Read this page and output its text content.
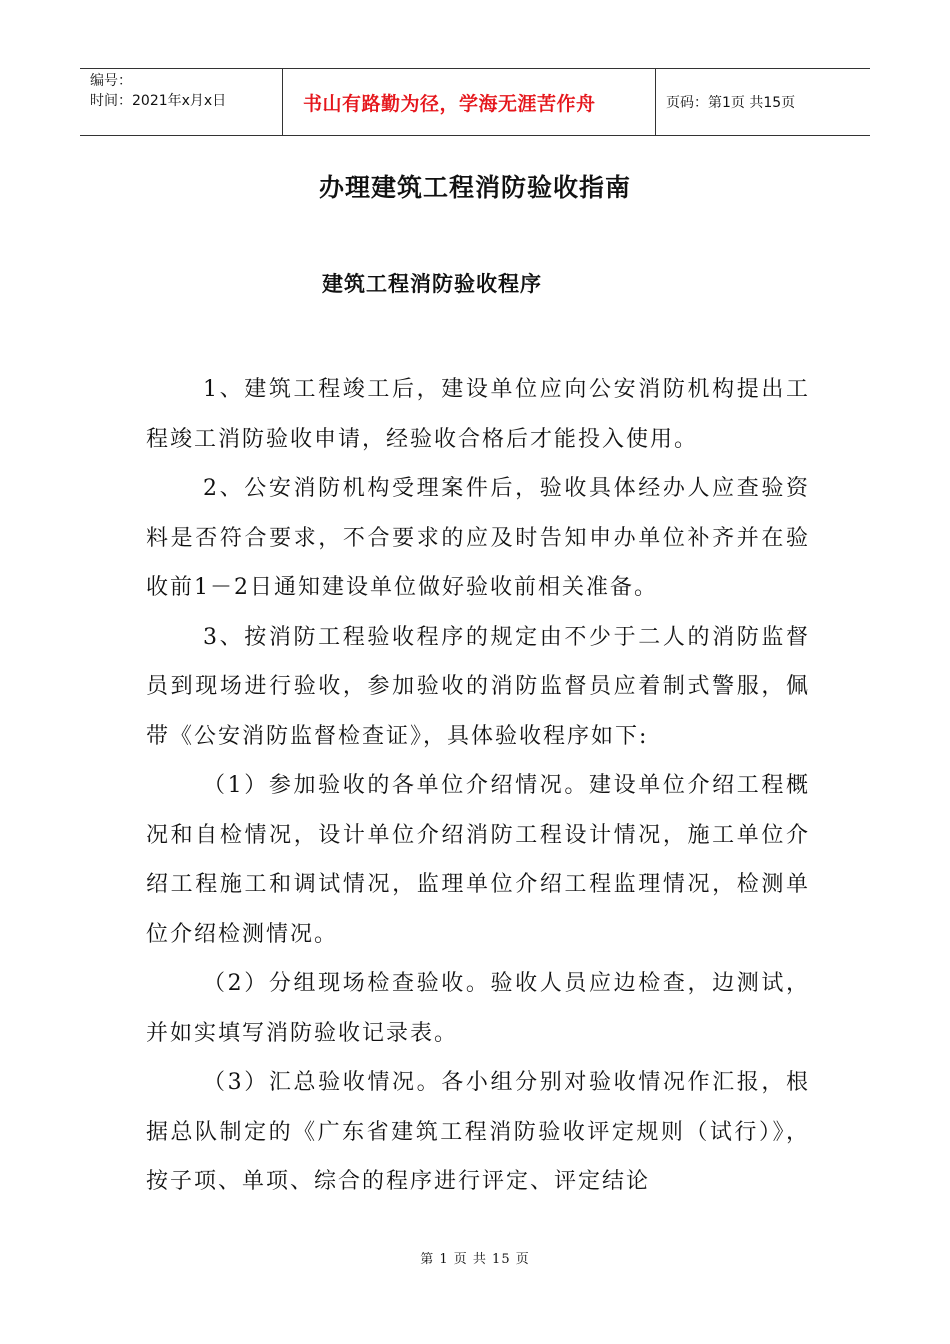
编号：
时间：2021年x月x日	书山有路勤为径，学海无涯苦作舟	页码：第1页 共15页
办理建筑工程消防验收指南
建筑工程消防验收程序

1、建筑工程竣工后，建设单位应向公安消防机构提出工程竣工消防验收申请，经验收合格后才能投入使用。

2、公安消防机构受理案件后，验收具体经办人应查验资料是否符合要求，不合要求的应及时告知申办单位补齐并在验收前1－2日通知建设单位做好验收前相关准备。

3、按消防工程验收程序的规定由不少于二人的消防监督员到现场进行验收，参加验收的消防监督员应着制式警服，佩带《公安消防监督检查证》，具体验收程序如下:

（1）参加验收的各单位介绍情况。建设单位介绍工程概况和自检情况，设计单位介绍消防工程设计情况，施工单位介绍工程施工和调试情况，监理单位介绍工程监理情况，检测单位介绍检测情况。

（2）分组现场检查验收。验收人员应边检查，边测试，并如实填写消防验收记录表。

（3）汇总验收情况。各小组分别对验收情况作汇报，根据总队制定的《广东省建筑工程消防验收评定规则（试行）》，按子项、单项、综合的程序进行评定、评定结论

第 1 页 共 15 页
